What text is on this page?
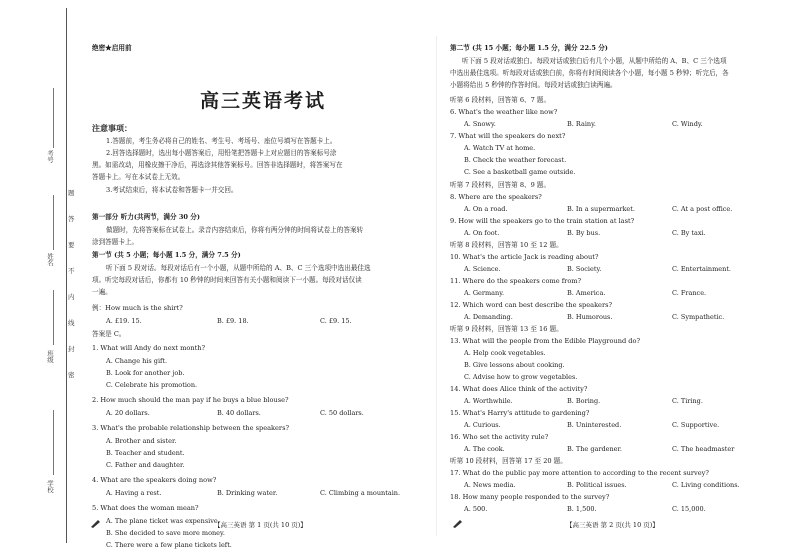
考号
姓名
班级
学校
题
答
要
不
内
线
封
密
绝密★启用前
高三英语考试
注意事项：
1.答题前，考生务必将自己的姓名、考生号、考场号、座位号填写在答题卡上。
2.回答选择题时，选出每小题答案后，用铅笔把答题卡上对应题目的答案标号涂
黑。如需改动，用橡皮擦干净后，再选涂其他答案标号。回答非选择题时，将答案写在
答题卡上。写在本试卷上无效。
3.考试结束后，将本试卷和答题卡一并交回。
第一部分 听力(共两节，满分 30 分)
做题时，先将答案标在试卷上。录音内容结束后，你将有两分钟的时间将试卷上的答案转
涂到答题卡上。
第一节 (共 5 小题；每小题 1.5 分，满分 7.5 分)
听下面 5 段对话。每段对话后有一个小题，从题中所给的 A、B、C 三个选项中选出最佳选
项。听完每段对话后，你都有 10 秒钟的时间来回答有关小题和阅读下一小题。每段对话仅读
一遍。
例：How much is the shirt?
A. £19. 15.	B. £9. 18.	C. £9. 15.
答案是 C。
1. What will Andy do next month?
A. Change his gift.
B. Look for another job.
C. Celebrate his promotion.
2. How much should the man pay if he buys a blue blouse?
A. 20 dollars.	B. 40 dollars.	C. 50 dollars.
3. What's the probable relationship between the speakers?
A. Brother and sister.
B. Teacher and student.
C. Father and daughter.
4. What are the speakers doing now?
A. Having a rest.	B. Drinking water.	C. Climbing a mountain.
5. What does the woman mean?
A. The plane ticket was expensive.
B. She decided to save more money.
C. There were a few plane tickets left.
【高三英语 第 1 页(共 10 页)】
第二节 (共 15 小题；每小题 1.5 分，满分 22.5 分)
听下面 5 段对话或独白。每段对话或独白后有几个小题，从题中所给的 A、B、C 三个选项
中选出最佳选项。听每段对话或独白前，你将有时间阅读各个小题，每小题 5 秒钟；听完后，各
小题将给出 5 秒钟的作答时间。每段对话或独白读两遍。
听第 6 段材料，回答第 6、7 题。
6. What's the weather like now?
A. Snowy.	B. Rainy.	C. Windy.
7. What will the speakers do next?
A. Watch TV at home.
B. Check the weather forecast.
C. See a basketball game outside.
听第 7 段材料，回答第 8、9 题。
8. Where are the speakers?
A. On a road.	B. In a supermarket.	C. At a post office.
9. How will the speakers go to the train station at last?
A. On foot.	B. By bus.	C. By taxi.
听第 8 段材料，回答第 10 至 12 题。
10. What's the article Jack is reading about?
A. Science.	B. Society.	C. Entertainment.
11. Where do the speakers come from?
A. Germany.	B. America.	C. France.
12. Which word can best describe the speakers?
A. Demanding.	B. Humorous.	C. Sympathetic.
听第 9 段材料，回答第 13 至 16 题。
13. What will the people from the Edible Playground do?
A. Help cook vegetables.
B. Give lessons about cooking.
C. Advise how to grow vegetables.
14. What does Alice think of the activity?
A. Worthwhile.	B. Boring.	C. Tiring.
15. What's Harry's attitude to gardening?
A. Curious.	B. Uninterested.	C. Supportive.
16. Who set the activity rule?
A. The cook.	B. The gardener.	C. The headmaster
听第 10 段材料，回答第 17 至 20 题。
17. What do the public pay more attention to according to the recent survey?
A. News media.	B. Political issues.	C. Living conditions.
18. How many people responded to the survey?
A. 500.	B. 1,500.	C. 15,000.
【高三英语 第 2 页(共 10 页)】
